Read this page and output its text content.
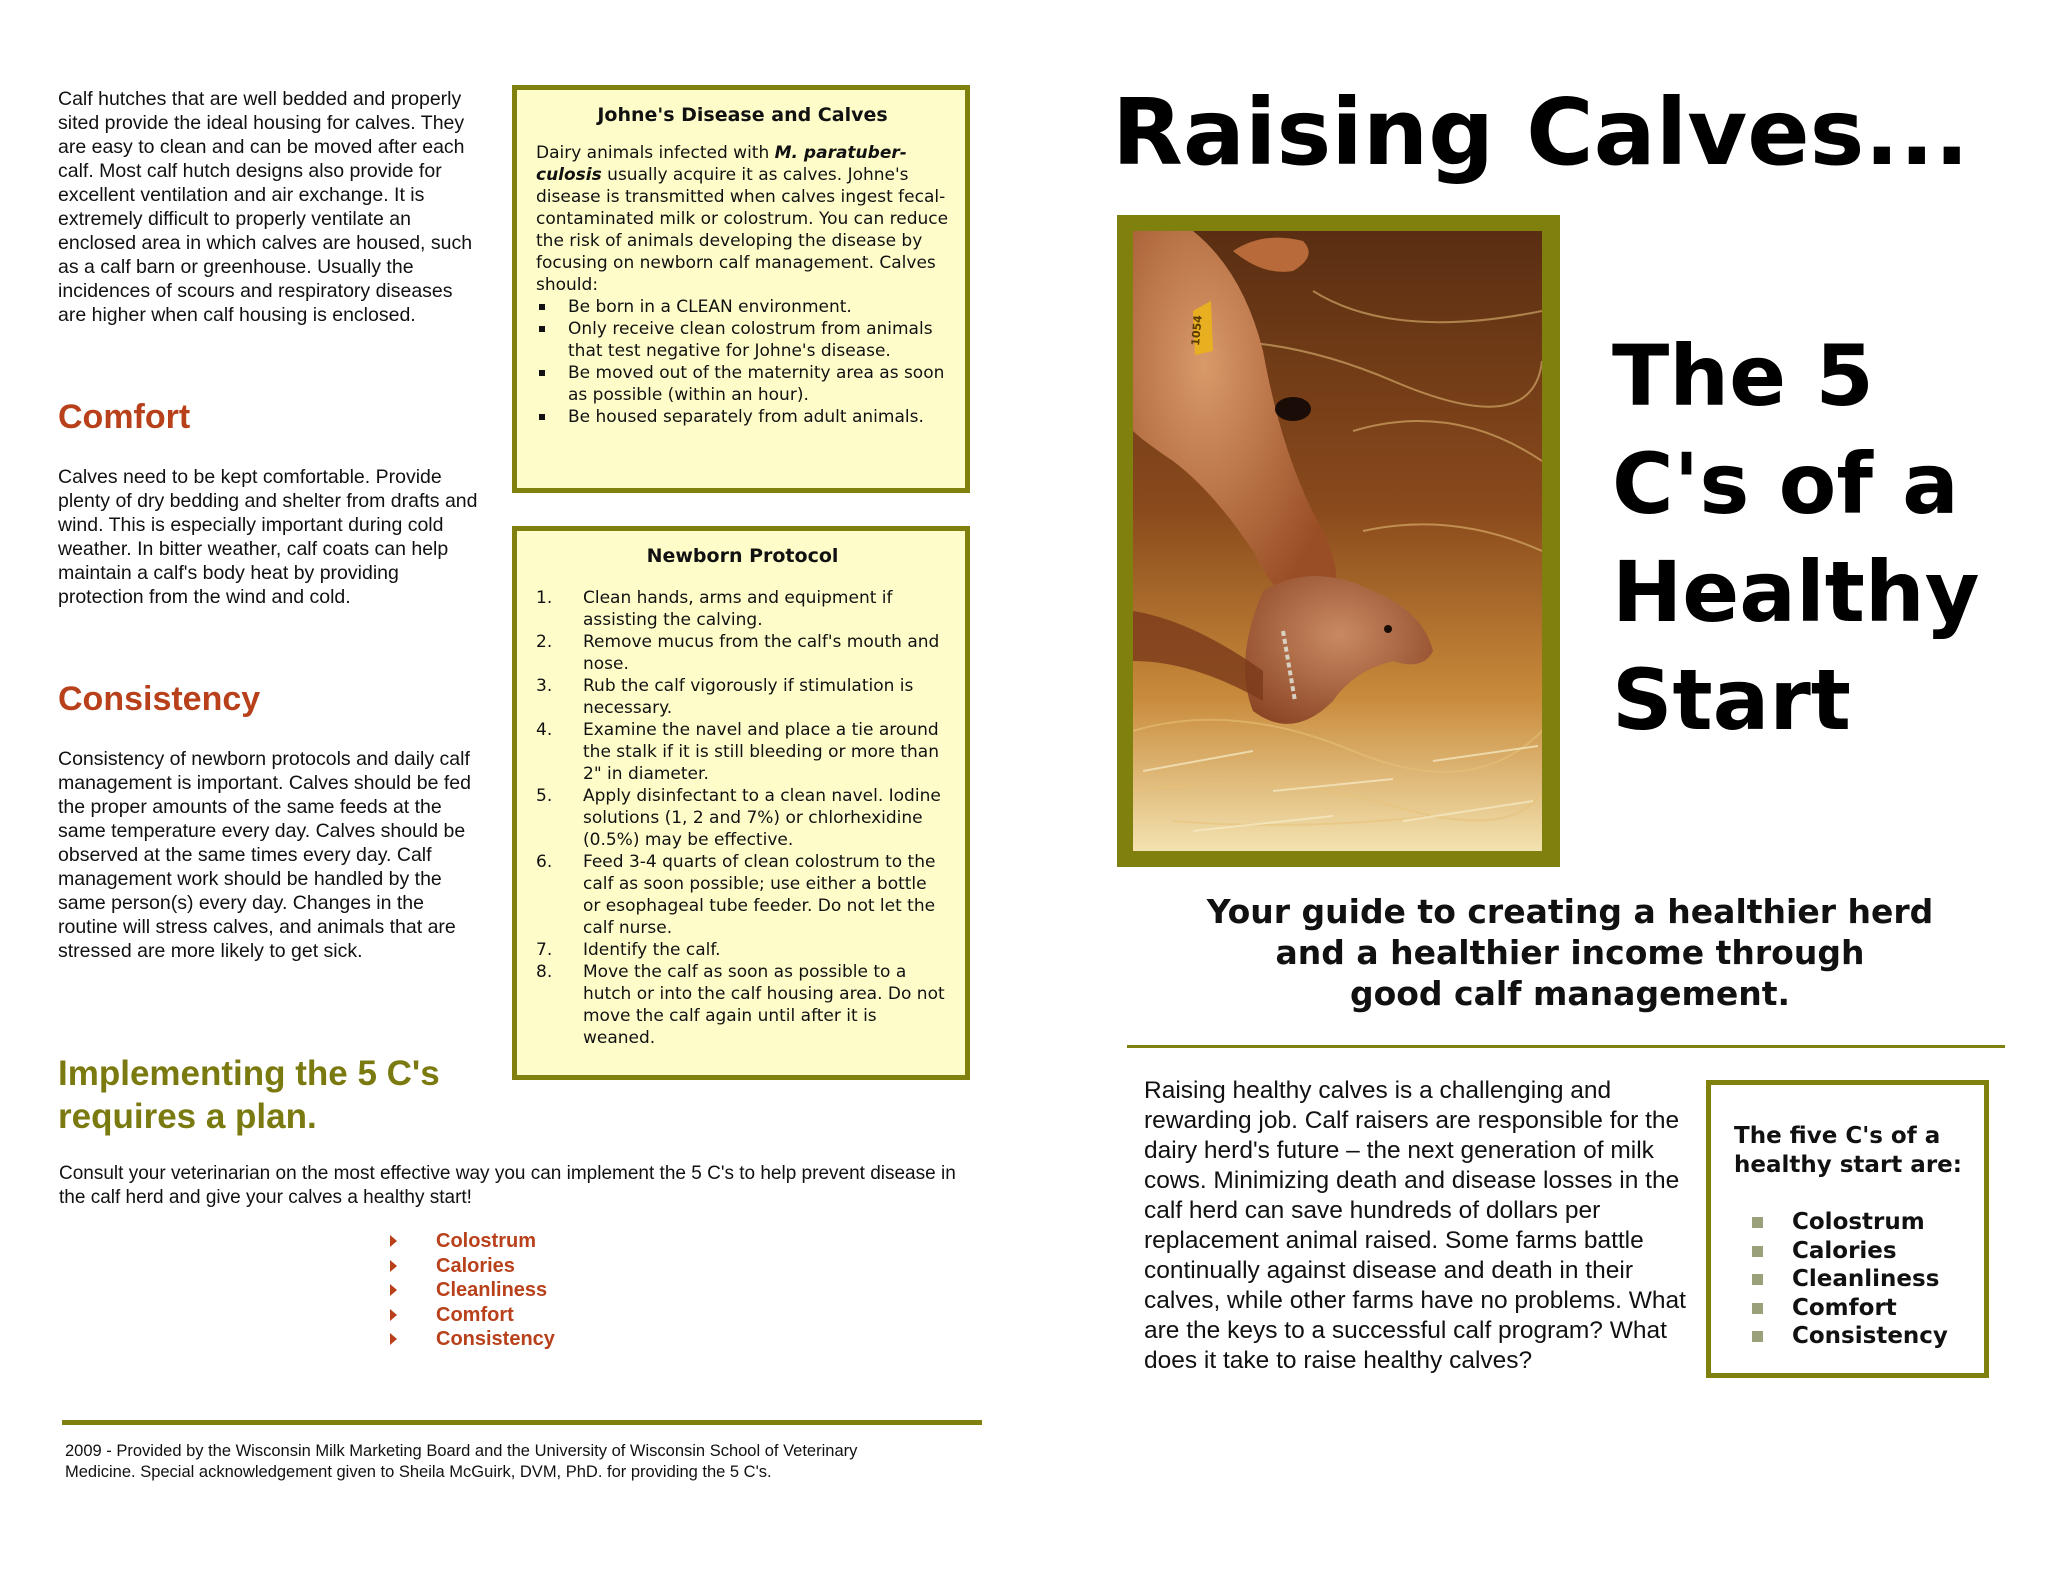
Calf hutches that are well bedded and properly sited provide the ideal housing for calves. They are easy to clean and can be moved after each calf. Most calf hutch designs also provide for excellent ventilation and air exchange. It is extremely difficult to properly ventilate an enclosed area in which calves are housed, such as a calf barn or greenhouse. Usually the incidences of scours and respiratory diseases are higher when calf housing is enclosed.

Comfort

Calves need to be kept comfortable. Provide plenty of dry bedding and shelter from drafts and wind. This is especially important during cold weather. In bitter weather, calf coats can help maintain a calf's body heat by providing protection from the wind and cold.

Consistency

Consistency of newborn protocols and daily calf management is important. Calves should be fed the proper amounts of the same feeds at the same temperature every day. Calves should be observed at the same times every day. Calf management work should be handled by the same person(s) every day. Changes in the routine will stress calves, and animals that are stressed are more likely to get sick.

Implementing the 5 C's
requires a plan.

Consult your veterinarian on the most effective way you can implement the 5 C's to help prevent disease in the calf herd and give your calves a healthy start!

Colostrum
Calories
Cleanliness
Comfort
Consistency
2009 - Provided by the Wisconsin Milk Marketing Board and the University of Wisconsin School of Veterinary
Medicine. Special acknowledgement given to Sheila McGuirk, DVM, PhD. for providing the 5 C's.

Johne's Disease and Calves

Dairy animals infected with M. paratuber-culosis usually acquire it as calves. Johne's disease is transmitted when calves ingest fecal-contaminated milk or colostrum. You can reduce the risk of animals developing the disease by focusing on newborn calf management. Calves should:

Be born in a CLEAN environment.
Only receive clean colostrum from animals that test negative for Johne's disease.
Be moved out of the maternity area as soon as possible (within an hour).
Be housed separately from adult animals.

Newborn Protocol

1. Clean hands, arms and equipment if assisting the calving.
2. Remove mucus from the calf's mouth and nose.
3. Rub the calf vigorously if stimulation is necessary.
4. Examine the navel and place a tie around the stalk if it is still bleeding or more than 2" in diameter.
5. Apply disinfectant to a clean navel. Iodine solutions (1, 2 and 7%) or chlorhexidine (0.5%) may be effective.
6. Feed 3-4 quarts of clean colostrum to the calf as soon possible; use either a bottle or esophageal tube feeder. Do not let the calf nurse.
7. Identify the calf.
8. Move the calf as soon as possible to a hutch or into the calf housing area. Do not move the calf again until after it is weaned.
Raising Calves...
1054	The 5

C's of a

Healthy

Start

Your guide to creating a healthier herd

and a healthier income through

good calf management.

Raising healthy calves is a challenging and rewarding job. Calf raisers are responsible for the dairy herd's future – the next generation of milk cows. Minimizing death and disease losses in the calf herd can save hundreds of dollars per replacement animal raised. Some farms battle continually against disease and death in their calves, while other farms have no problems. What are the keys to a successful calf program? What does it take to raise healthy calves?

The five C's of a healthy start are:

Colostrum
Calories
Cleanliness
Comfort
Consistency
